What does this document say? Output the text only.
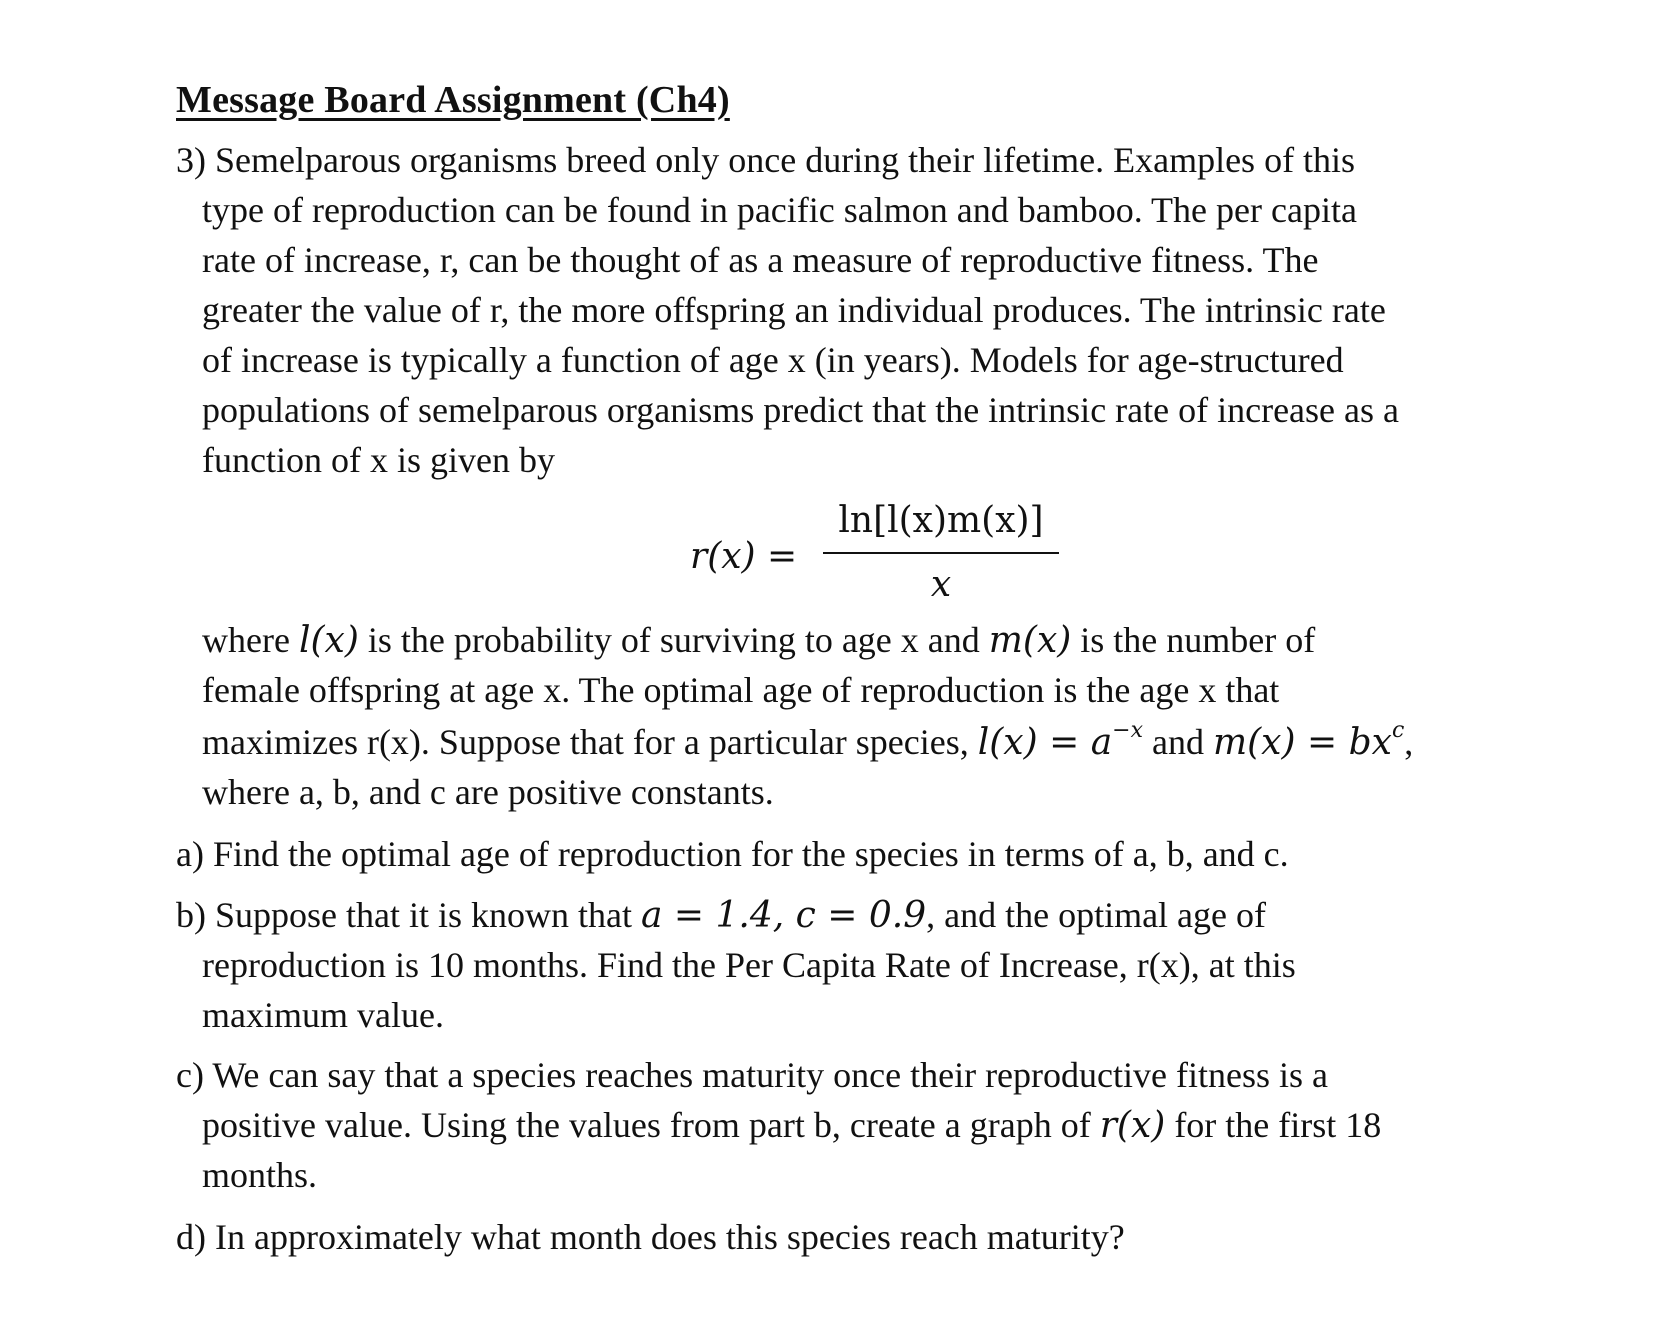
Message Board Assignment (Ch4)
3) Semelparous organisms breed only once during their lifetime. Examples of this
type of reproduction can be found in pacific salmon and bamboo. The per capita
rate of increase, r, can be thought of as a measure of reproductive fitness. The
greater the value of r, the more offspring an individual produces. The intrinsic rate
of increase is typically a function of age x (in years). Models for age-structured
populations of semelparous organisms predict that the intrinsic rate of increase as a
function of x is given by
r(x) =
ln[l(x)m(x)]
x
where l(x) is the probability of surviving to age x and m(x) is the number of
female offspring at age x. The optimal age of reproduction is the age x that
maximizes r(x). Suppose that for a particular species, $l(x) = a^{-x}$ and $m(x) = bx^c$,
where a, b, and c are positive constants.
a) Find the optimal age of reproduction for the species in terms of a, b, and c.
b) Suppose that it is known that a = 1.4, c = 0.9, and the optimal age of
reproduction is 10 months. Find the Per Capita Rate of Increase, r(x), at this
maximum value.
c) We can say that a species reaches maturity once their reproductive fitness is a
positive value. Using the values from part b, create a graph of r(x) for the first 18
months.
d) In approximately what month does this species reach maturity?
